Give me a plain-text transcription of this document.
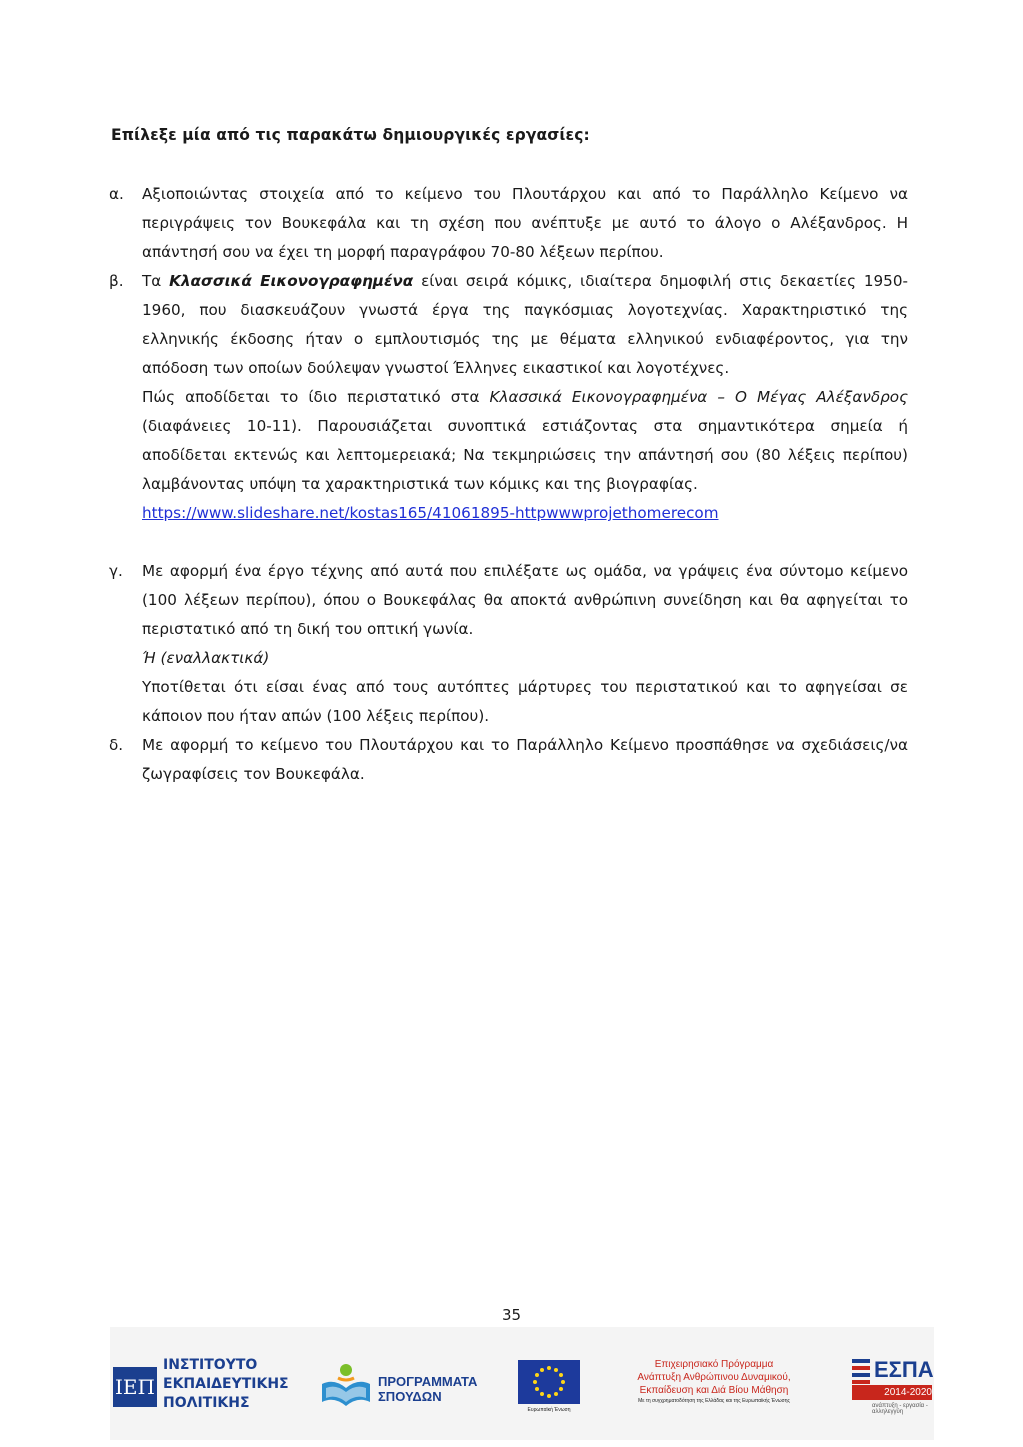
Επίλεξε μία από τις παρακάτω δημιουργικές εργασίες:
α. Αξιοποιώντας στοιχεία από το κείμενο του Πλουτάρχου και από το Παράλληλο Κείμενο να περιγράψεις τον Βουκεφάλα και τη σχέση που ανέπτυξε με αυτό το άλογο ο Αλέξανδρος. Η απάντησή σου να έχει τη μορφή παραγράφου 70-80 λέξεων περίπου.

β. Τα Κλασσικά Εικονογραφημένα είναι σειρά κόμικς, ιδιαίτερα δημοφιλή στις δεκαετίες 1950-1960, που διασκευάζουν γνωστά έργα της παγκόσμιας λογοτεχνίας. Χαρακτηριστικό της ελληνικής έκδοσης ήταν ο εμπλουτισμός της με θέματα ελληνικού ενδιαφέροντος, για την απόδοση των οποίων δούλεψαν γνωστοί Έλληνες εικαστικοί και λογοτέχνες.

Πώς αποδίδεται το ίδιο περιστατικό στα Κλασσικά Εικονογραφημένα – Ο Μέγας Αλέξανδρος (διαφάνειες 10-11). Παρουσιάζεται συνοπτικά εστιάζοντας στα σημαντικότερα σημεία ή αποδίδεται εκτενώς και λεπτομερειακά; Να τεκμηριώσεις την απάντησή σου (80 λέξεις περίπου) λαμβάνοντας υπόψη τα χαρακτηριστικά των κόμικς και της βιογραφίας.

https://www.slideshare.net/kostas165/41061895-httpwwwprojethomerecom

γ. Με αφορμή ένα έργο τέχνης από αυτά που επιλέξατε ως ομάδα, να γράψεις ένα σύντομο κείμενο (100 λέξεων περίπου), όπου ο Βουκεφάλας θα αποκτά ανθρώπινη συνείδηση και θα αφηγείται το περιστατικό από τη δική του οπτική γωνία.

Ή (εναλλακτικά)

Υποτίθεται ότι είσαι ένας από τους αυτόπτες μάρτυρες του περιστατικού και το αφηγείσαι σε κάποιον που ήταν απών (100 λέξεις περίπου).

δ. Με αφορμή το κείμενο του Πλουτάρχου και το Παράλληλο Κείμενο προσπάθησε να σχεδιάσεις/να ζωγραφίσεις τον Βουκεφάλα.

35
ΙΕΠ
ΙΝΣΤΙΤΟΥΤΟ
ΕΚΠΑΙΔΕΥΤΙΚΗΣ
ΠΟΛΙΤΙΚΗΣ
ΠΡΟΓΡΑΜΜΑΤΑ
ΣΠΟΥΔΩΝ
Ευρωπαϊκή Ένωση
Επιχειρησιακό Πρόγραμμα
Ανάπτυξη Ανθρώπινου Δυναμικού,
Εκπαίδευση και Διά Βίου Μάθηση
Με τη συγχρηματοδότηση της Ελλάδας και της Ευρωπαϊκής Ένωσης
ΕΣΠΑ
2014-2020
ανάπτυξη - εργασία - αλληλεγγύη
